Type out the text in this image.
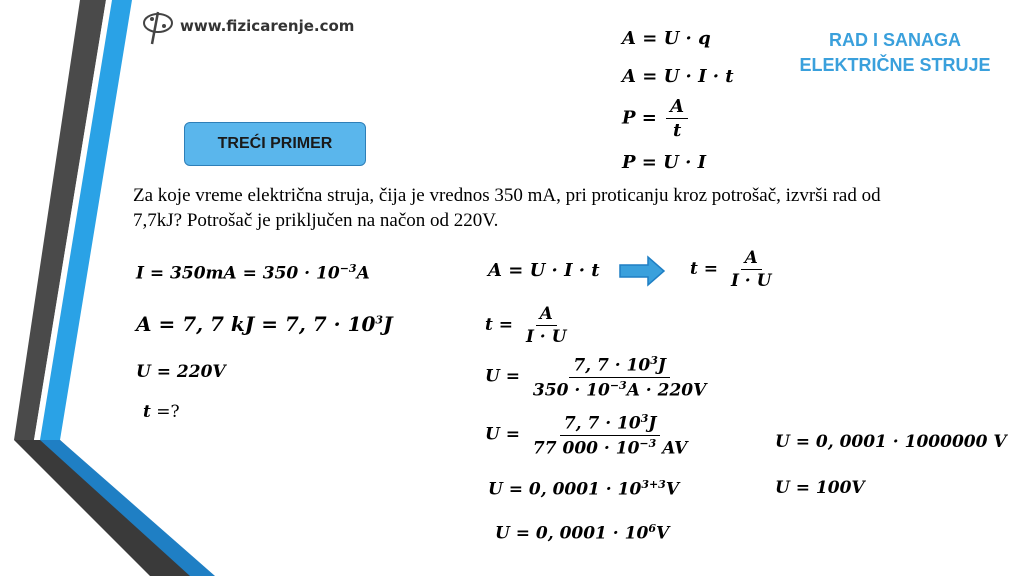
www.fizicarenje.com
RAD I SANAGA
ELEKTRIČNE STRUJE
TREĆI PRIMER
A = U · q
A = U · I · t
$P = \frac{A}{t}$
P = U · I
Za koje vreme električna struja, čija je vrednos 350 mA, pri proticanju kroz potrošač, izvrši rad od
7,7kJ? Potrošač je priključen na načon od 220V.
$I = 350mA = 350 \cdot 10^{-3}A$
A = 7, 7 kJ = 7, $7 \cdot 10^3J$
U = 220V
t =?
A = U · I · t	$t = \frac{A}{I \cdot U}$
$t = \frac{A}{I \cdot U}$
$U = \frac{7, 7 \cdot 10^3J}{350 \cdot 10^{-3}A \cdot 220V}$
$U = \frac{7, 7 \cdot 10^3J}{77 000 \cdot 10^{-3} AV}$
U = 0, $0001 \cdot 10^{3+3}V$
U = 0, $0001 \cdot 10^6V$
U = 0, 0001 · 1000000 V
U = 100V
